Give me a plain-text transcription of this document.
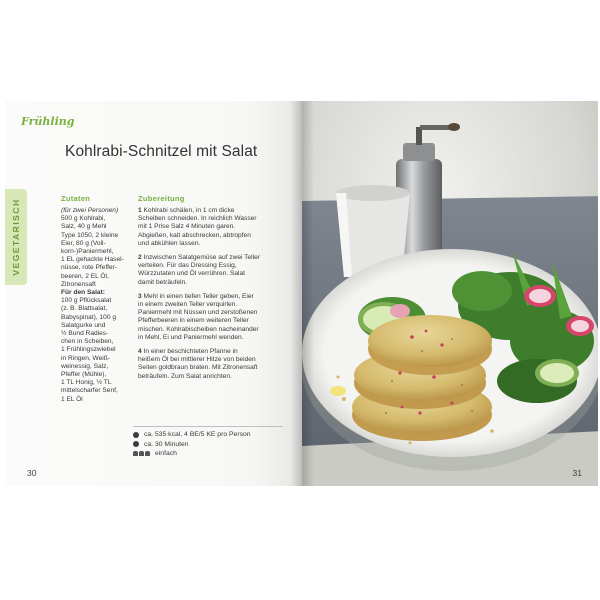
Frühling
Kohlrabi-Schnitzel mit Salat
VEGETARISCH	Zutaten	Zubereitung

(für zwei Personen)

500 g Kohlrabi,

Salz, 40 g Mehl

Type 1050, 2 kleine

Eier, 80 g (Voll-

korn-)Paniermehl,

1 EL gehackte Hasel-

nüsse, rote Pfeffer-

beeren, 2 EL Öl,

Zitronensaft

Für den Salat:

100 g Pflücksalat

(z. B. Blattsalat,

Babyspinat), 100 g

Salatgurke und

½ Bund Radies-

chen in Scheiben,

1 Frühlingszwiebel

in Ringen, Weiß-

weinessig, Salz,

Pfeffer (Mühle),

1 TL Honig, ½ TL

mittelscharfer Senf,

1 EL Öl

1 Kohlrabi schälen, in 1 cm dicke Scheiben schneiden. In reichlich Wasser mit 1 Prise Salz 4 Minuten garen. Abgießen, kalt abschrecken, abtropfen und abkühlen lassen.

2 Inzwischen Salatgemüse auf zwei Teller verteilen. Für das Dressing Essig, Würzzutaten und Öl verrühren. Salat damit beträufeln.

3 Mehl in einen tiefen Teller geben, Eier in einem zweiten Teller verquirlen. Paniermehl mit Nüssen und zerstoßenen Pfefferbeeren in einem weiteren Teller mischen. Kohlrabischeiben nacheinander in Mehl, Ei und Paniermehl wenden.

4 In einer beschichteten Pfanne in heißem Öl bei mittlerer Hitze von beiden Seiten goldbraun braten. Mit Zitronensaft beträufeln. Zum Salat anrichten.

ca. 535 kcal, 4 BE/5 KE pro Person
ca. 30 Minuten
einfach
30	31
